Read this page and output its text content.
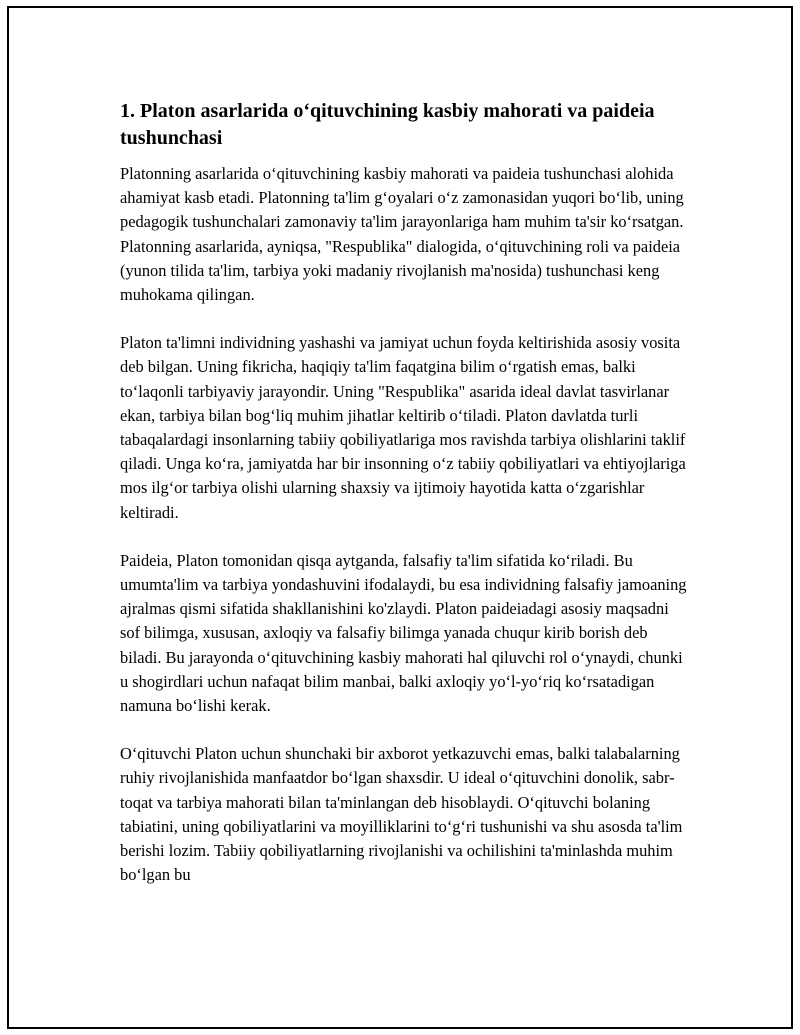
1. Platon asarlarida o‘qituvchining kasbiy mahorati va paideia tushunchasi

Platonning asarlarida o‘qituvchining kasbiy mahorati va paideia tushunchasi alohida ahamiyat kasb etadi. Platonning ta'lim g‘oyalari o‘z zamonasidan yuqori bo‘lib, uning pedagogik tushunchalari zamonaviy ta'lim jarayonlariga ham muhim ta'sir ko‘rsatgan. Platonning asarlarida, ayniqsa, "Respublika" dialogida, o‘qituvchining roli va paideia (yunon tilida ta'lim, tarbiya yoki madaniy rivojlanish ma'nosida) tushunchasi keng muhokama qilingan.

Platon ta'limni individning yashashi va jamiyat uchun foyda keltirishida asosiy vosita deb bilgan. Uning fikricha, haqiqiy ta'lim faqatgina bilim o‘rgatish emas, balki to‘laqonli tarbiyaviy jarayondir. Uning "Respublika" asarida ideal davlat tasvirlanar ekan, tarbiya bilan bog‘liq muhim jihatlar keltirib o‘tiladi. Platon davlatda turli tabaqalardagi insonlarning tabiiy qobiliyatlariga mos ravishda tarbiya olishlarini taklif qiladi. Unga ko‘ra, jamiyatda har bir insonning o‘z tabiiy qobiliyatlari va ehtiyojlariga mos ilg‘or tarbiya olishi ularning shaxsiy va ijtimoiy hayotida katta o‘zgarishlar keltiradi.

Paideia, Platon tomonidan qisqa aytganda, falsafiy ta'lim sifatida ko‘riladi. Bu umumta'lim va tarbiya yondashuvini ifodalaydi, bu esa individning falsafiy jamoaning ajralmas qismi sifatida shakllanishini ko'zlaydi. Platon paideiadagi asosiy maqsadni sof bilimga, xususan, axloqiy va falsafiy bilimga yanada chuqur kirib borish deb biladi. Bu jarayonda o‘qituvchining kasbiy mahorati hal qiluvchi rol o‘ynaydi, chunki u shogirdlari uchun nafaqat bilim manbai, balki axloqiy yo‘l-yo‘riq ko‘rsatadigan namuna bo‘lishi kerak.

O‘qituvchi Platon uchun shunchaki bir axborot yetkazuvchi emas, balki talabalarning ruhiy rivojlanishida manfaatdor bo‘lgan shaxsdir. U ideal o‘qituvchini donolik, sabr-toqat va tarbiya mahorati bilan ta'minlangan deb hisoblaydi. O‘qituvchi bolaning tabiatini, uning qobiliyatlarini va moyilliklarini to‘g‘ri tushunishi va shu asosda ta'lim berishi lozim. Tabiiy qobiliyatlarning rivojlanishi va ochilishini ta'minlashda muhim bo‘lgan bu
